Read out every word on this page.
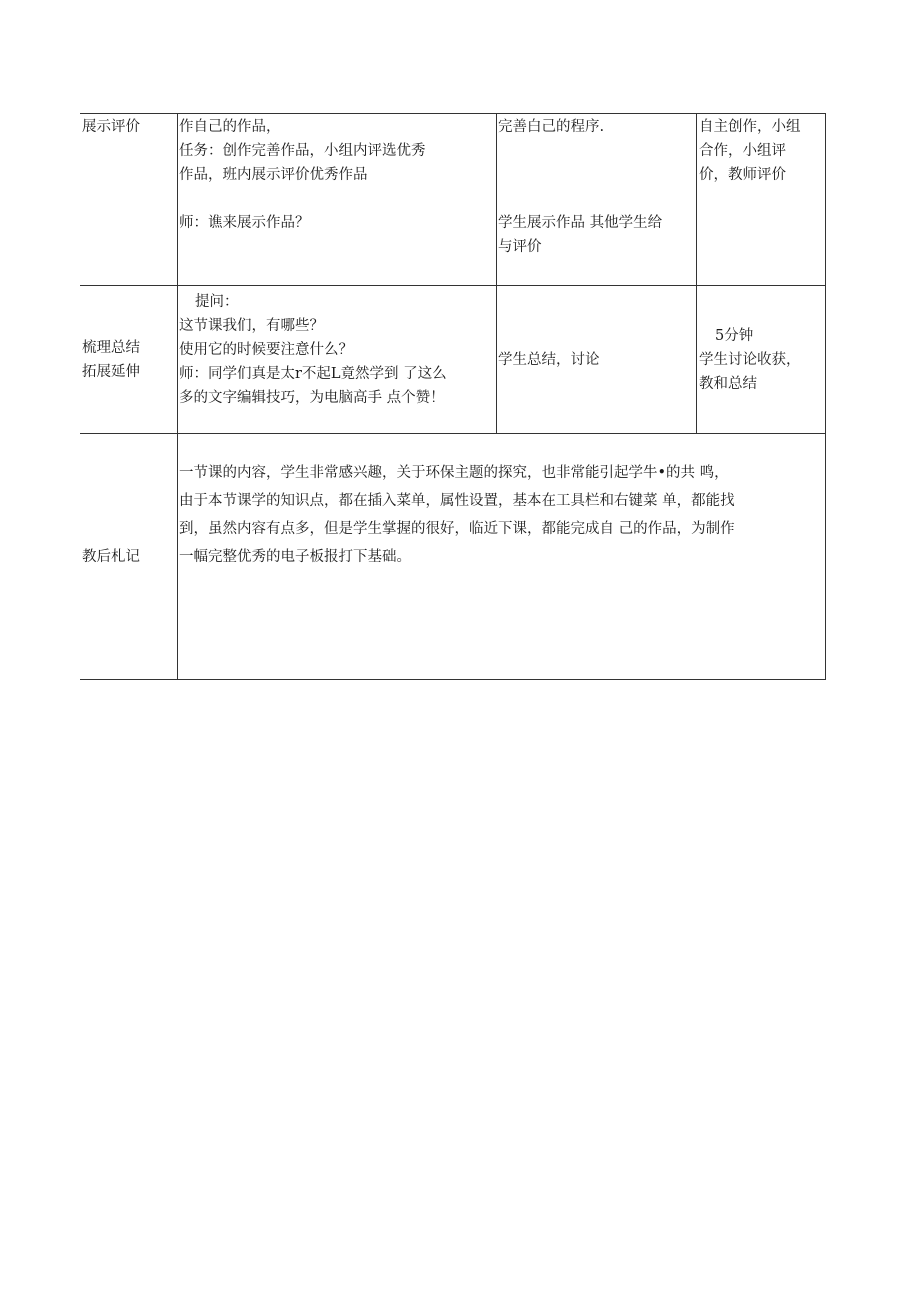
展示评价	作自己的作品，
任务：创作完善作品，小组内评选优秀
作品，班内展示评价优秀作品
师：谯来展示作品？
完善白己的程序.
学生展示作品 其他学生给
与评价
自主创作，小组
合作，小组评
价，教师评价
梳理总结
拓展延伸
提问：
这节课我们，有哪些？
使用它的时候要注意什么？
师：同学们真是太r不起L竟然学到 了这么
多的文字编辑技巧，为电脑高手 点个赞！
学生总结，讨论
5分钟
学生讨论收获，
教和总结
教后札记
一节课的内容，学生非常感兴趣，关于环保主题的探究，也非常能引起学牛•的共 鸣，
由于本节课学的知识点，都在插入菜单，属性设置，基本在工具栏和右键菜 单，都能找
到，虽然内容有点多，但是学生掌握的很好，临近下课，都能完成自 己的作品，为制作
一幅完整优秀的电子板报打下基础。
